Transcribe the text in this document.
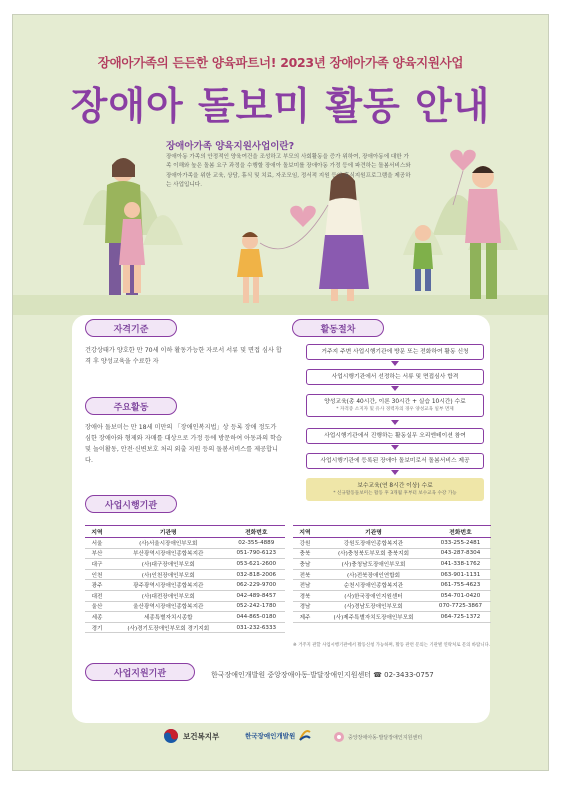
장애아가족의 든든한 양육파트너! 2023년 장애아가족 양육지원사업
장애아 돌보미 활동 안내
장애아가족 양육지원사업이란?
장애아동 가족의 안정적인 양육여건을 조성하고 부모의 사회활동을 증가 위하여, 장애아동에 대한 가족 이해와 높은 돌봄 요구 과정을 수행할 장애아 돌보미를 장애아동 가정 등에 파견하는 돌봄서비스와 장애아가족을 위한 교육, 상담, 휴식 및 치료, 자조모임, 정서적 지원 등의 휴식지원프로그램을 제공하는 사업입니다.
자격기준
건강상태가 양호한 만 70세 이하 활동가능한 자로서 서류 및 면접 심사 합격 후 양성교육을 수료한 자
주요활동
장애아 돌보미는 만 18세 미만의 「장애인복지법」상 등록 장애 정도가 심한 장애아와 형제와 자매를 대상으로 가정 등에 방문하여 아동과의 학습 및 놀이활동, 안전·신변보호 처리 외출 지원 등의 돌봄서비스를 제공합니다.
활동절차
거주지 주변 사업시행기관에 방문 또는 전화하여 활동 신청
사업시행기관에서 선정하는 서류 및 면접심사 합격
양성교육(총 40시간, 이론 30시간 + 실습 10시간) 수료
* 자격증 소지자 및 유사 경력자의 경우 양성교육 일부 면제
사업시행기관에서 진행하는 활동실무 오리엔테이션 참여
사업시행기관에 등록된 장애아 돌보미로서 돌봄서비스 제공
보수교육(연 8시간 이상) 수료
* 신규활동돌보미는 활동 후 3개월 후부터 보수교육 수강 가능
사업시행기관
지역	기관명	전화번호
서울	(사)서울시장애인부모회	02-355-4889
부산	부산광역시장애인종합복지관	051-790-6123
대구	(사)대구장애인부모회	053-621-2600
인천	(사)인천장애인부모회	032-818-2006
광주	광주광역시장애인종합복지관	062-229-9700
대전	(사)대전장애인부모회	042-489-8457
울산	울산광역시장애인종합복지관	052-242-1780
세종	세종특별자치시종합	044-865-0180
경기	(사)경기도장애인부모회 경기지회	031-232-6333
지역	기관명	전화번호
강원	강원도장애인종합복지관	033-255-2481
충북	(사)충청북도부모회 충북지회	043-287-8304
충남	(사)충청남도장애인부모회	041-338-1762
전북	(사)전북장애인연합회	063-901-1131
전남	순천시장애인종합복지관	061-755-4623
경북	(사)한국장애인지원센터	054-701-0420
경남	(사)경남도장애인부모회	070-7725-3867
제주	(사)제주특별자치도장애인부모회	064-725-1372
※ 거주지 관할 사업시행기관에서 활동신청 가능하며, 활동 관련 문의는 기관별 연락처로 문의 바랍니다.
사업지원기관	한국장애인개발원 중앙장애아동·발달장애인지원센터 ☎ 02-3433-0757
보건복지부	한국장애인개발원	중앙장애아동·발달장애인지원센터
